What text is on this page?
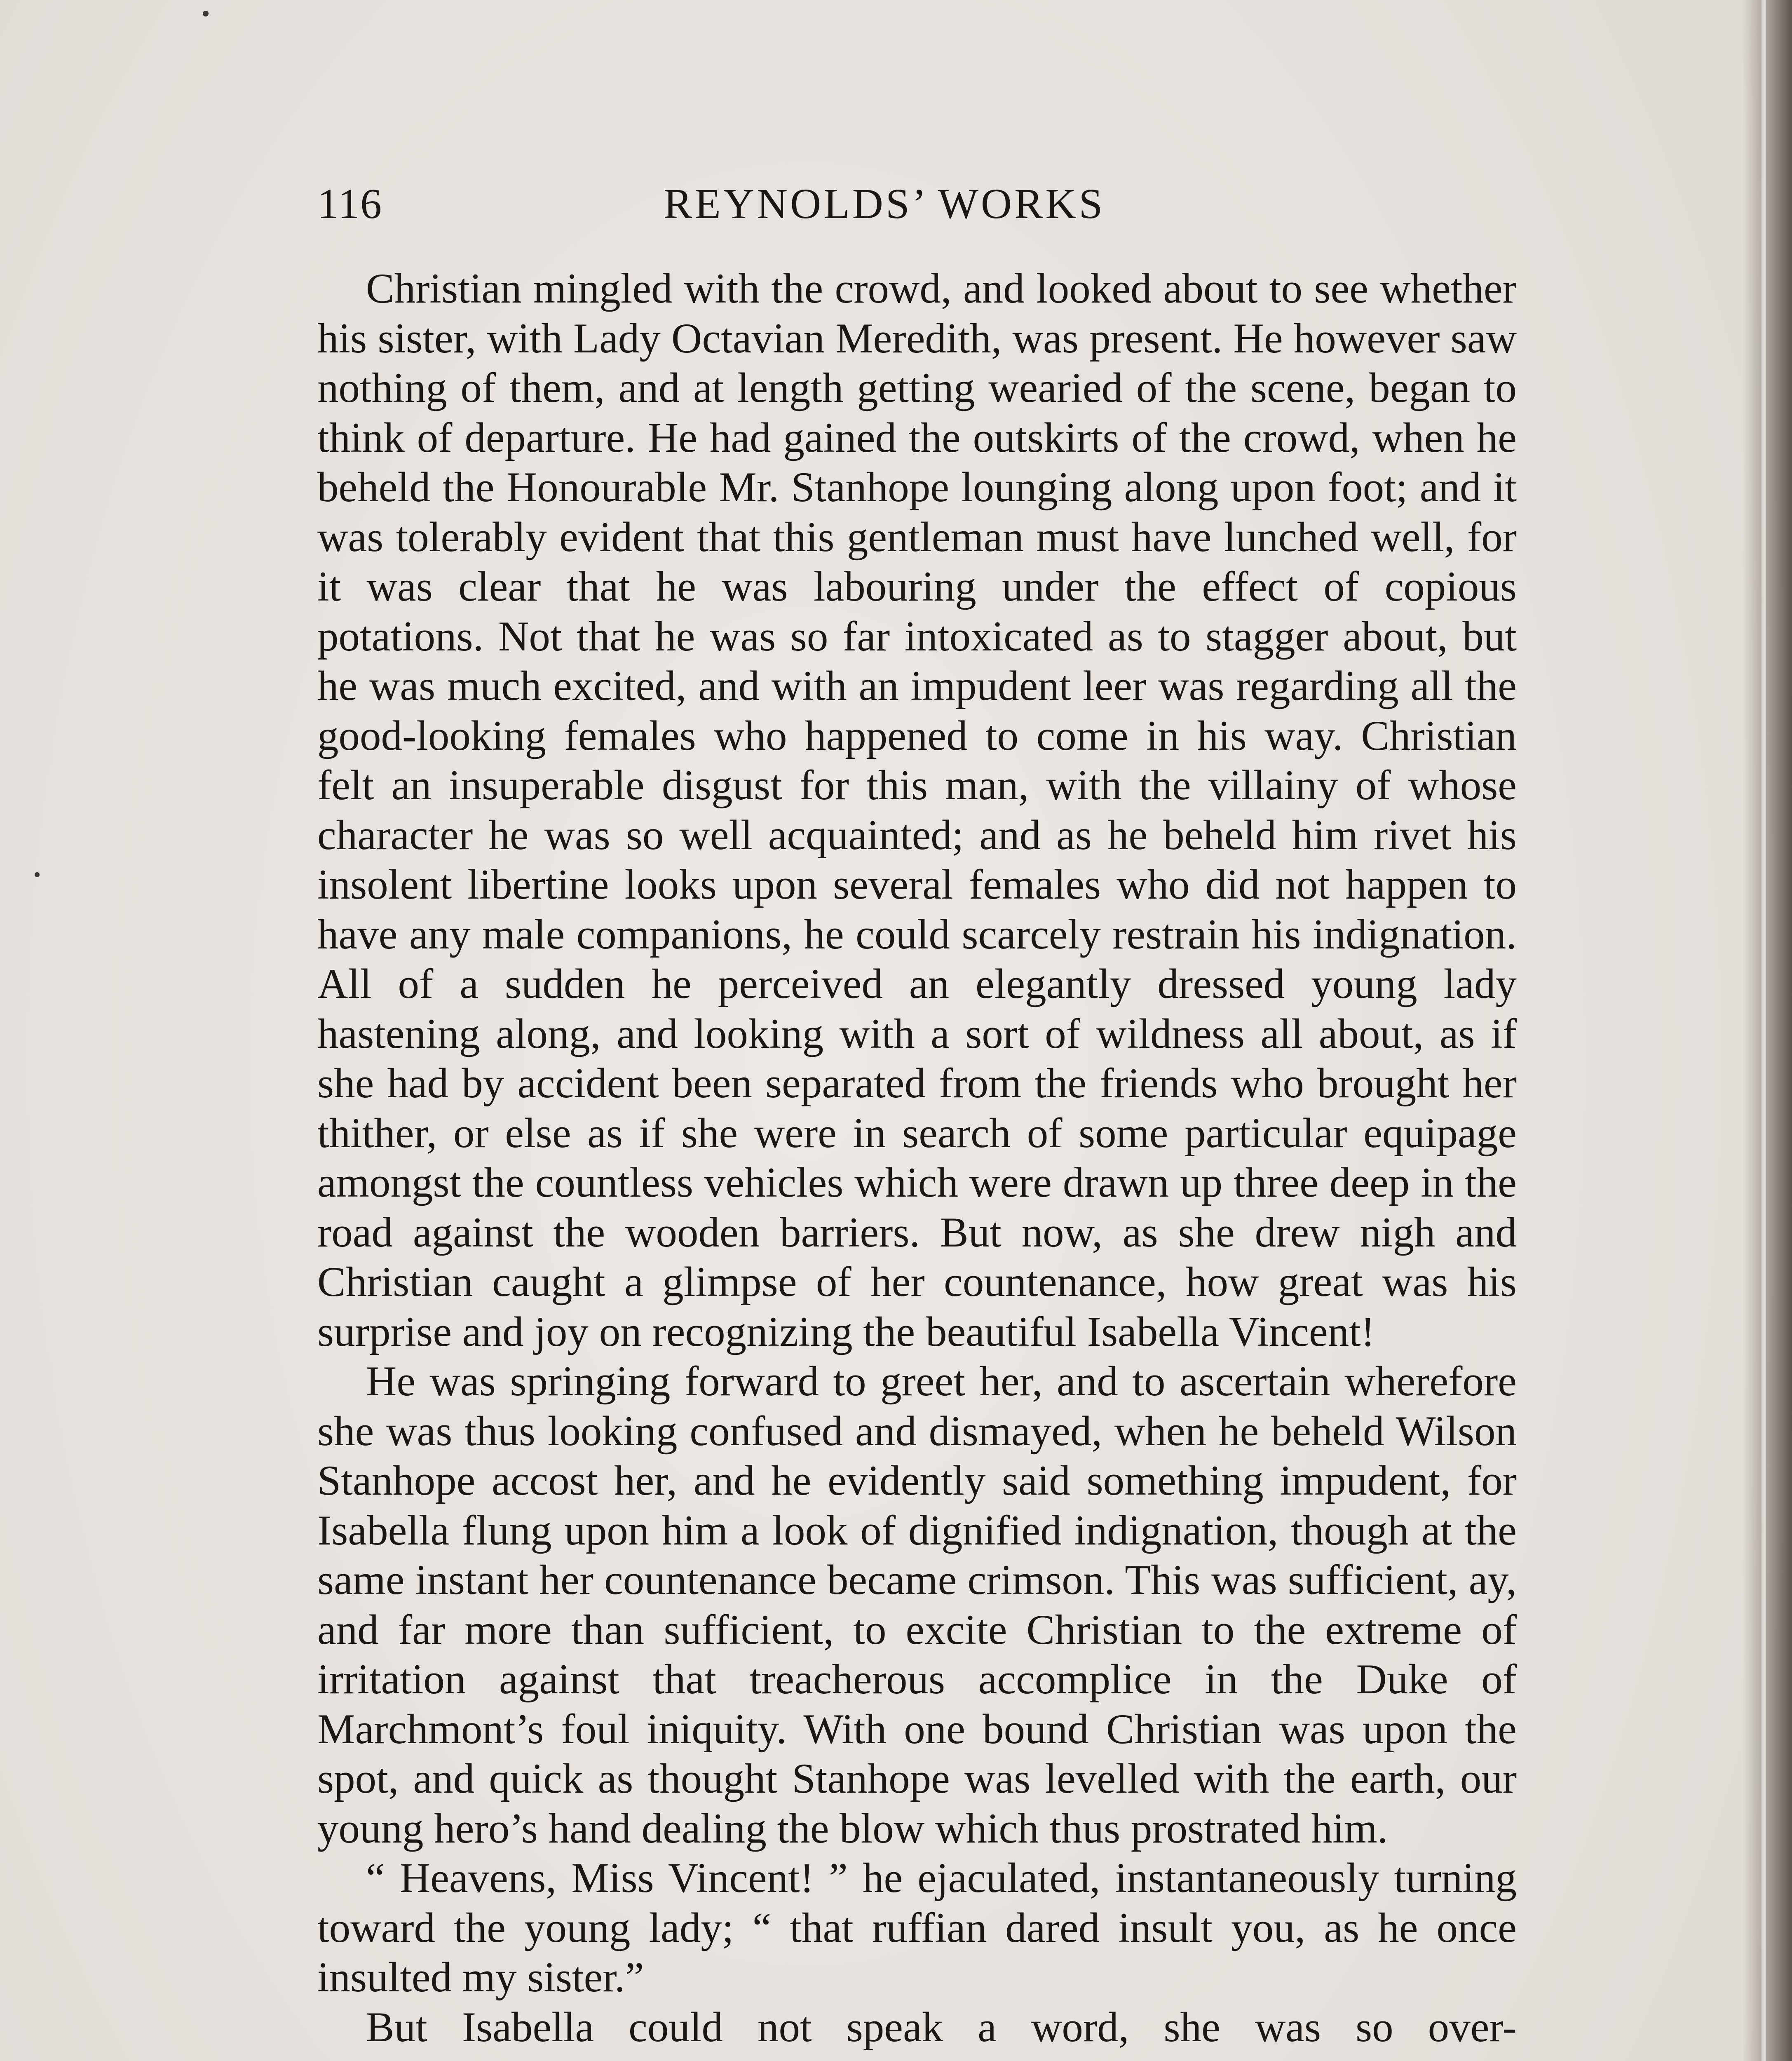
116	REYNOLDS’ WORKS

Christian mingled with the crowd, and looked about to see whether his sister, with Lady Octavian Meredith, was present. He however saw nothing of them, and at length getting wearied of the scene, began to think of departure. He had gained the outskirts of the crowd, when he beheld the Honourable Mr. Stanhope lounging along upon foot; and it was tolerably evident that this gentleman must have lunched well, for it was clear that he was labouring under the effect of copious potations. Not that he was so far intoxicated as to stagger about, but he was much excited, and with an impudent leer was regarding all the good-looking females who happened to come in his way. Christian felt an insuperable disgust for this man, with the villainy of whose character he was so well acquainted; and as he beheld him rivet his insolent libertine looks upon several females who did not happen to have any male companions, he could scarcely restrain his indignation. All of a sudden he perceived an elegantly dressed young lady hastening along, and looking with a sort of wildness all about, as if she had by accident been separated from the friends who brought her thither, or else as if she were in search of some particular equipage amongst the countless vehicles which were drawn up three deep in the road against the wooden barriers. But now, as she drew nigh and Christian caught a glimpse of her countenance, how great was his surprise and joy on recognizing the beautiful Isabella Vincent!

He was springing forward to greet her, and to ascertain wherefore she was thus looking confused and dismayed, when he beheld Wilson Stanhope accost her, and he evidently said something impudent, for Isabella flung upon him a look of dignified indignation, though at the same instant her countenance became crimson. This was sufficient, ay, and far more than sufficient, to excite Christian to the extreme of irritation against that treacherous accomplice in the Duke of Marchmont’s foul iniquity. With one bound Christian was upon the spot, and quick as thought Stanhope was levelled with the earth, our young hero’s hand dealing the blow which thus prostrated him.

“ Heavens, Miss Vincent! ” he ejaculated, instantaneously turning toward the young lady; “ that ruffian dared insult you, as he once insulted my sister.”

But Isabella could not speak a word, she was so over-
